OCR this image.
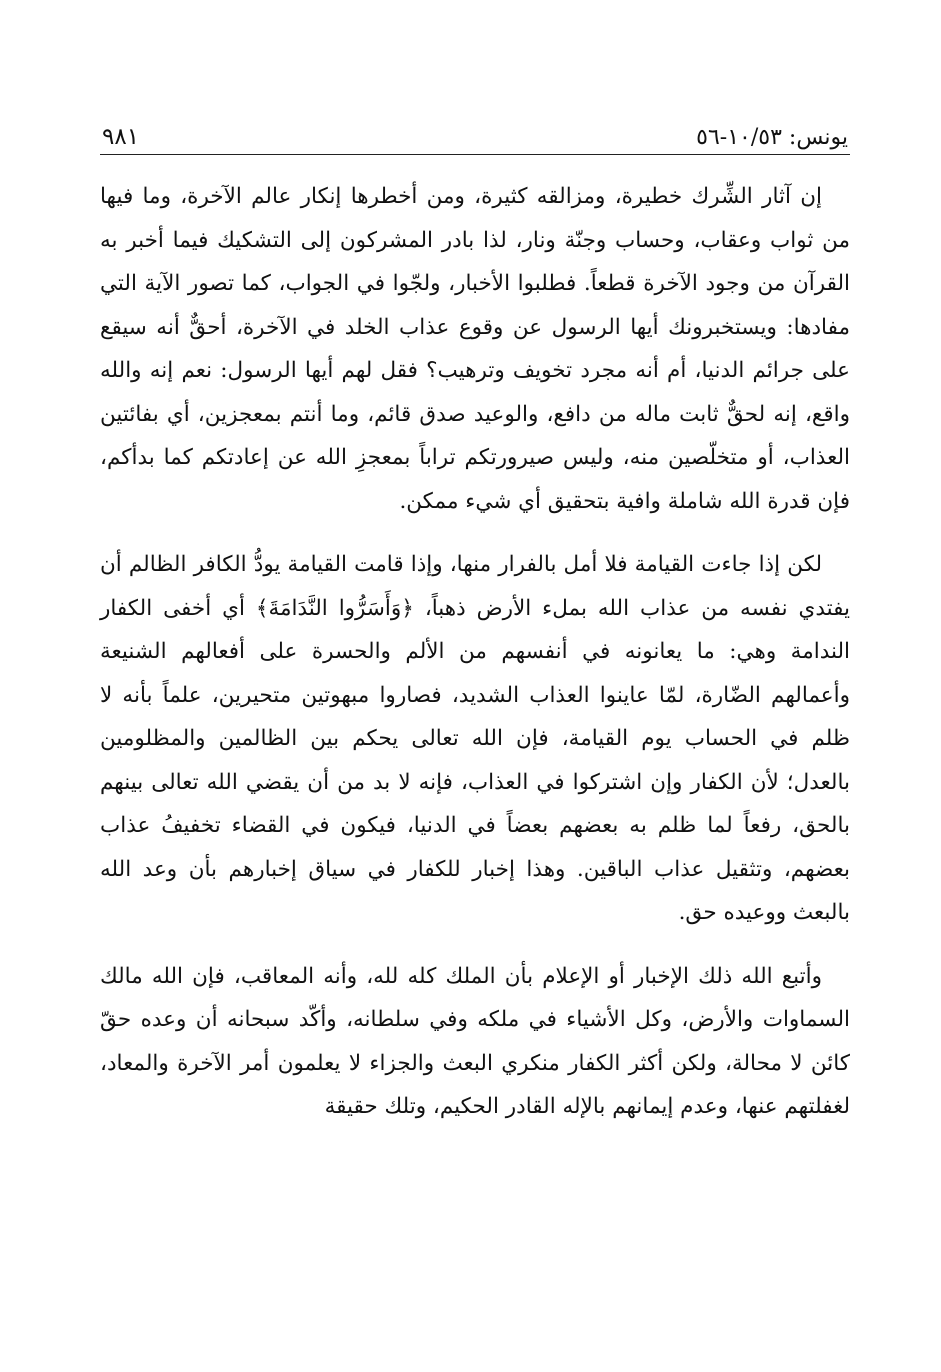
يونس: ١٠/٥٣-٥٦
٩٨١

إن آثار الشِّرك خطيرة، ومزالقه كثيرة، ومن أخطرها إنكار عالم الآخرة، وما فيها من ثواب وعقاب، وحساب وجنّة ونار، لذا بادر المشركون إلى التشكيك فيما أخبر به القرآن من وجود الآخرة قطعاً. فطلبوا الأخبار، ولجّوا في الجواب، كما تصور الآية التي مفادها: ويستخبرونك أيها الرسول عن وقوع عذاب الخلد في الآخرة، أحقٌّ أنه سيقع على جرائم الدنيا، أم أنه مجرد تخويف وترهيب؟ فقل لهم أيها الرسول: نعم إنه والله واقع، إنه لحقٌّ ثابت ماله من دافع، والوعيد صدق قائم، وما أنتم بمعجزين، أي بفائتين العذاب، أو متخلّصين منه، وليس صيرورتكم تراباً بمعجزِ الله عن إعادتكم كما بدأكم، فإن قدرة الله شاملة وافية بتحقيق أي شيء ممكن.

لكن إذا جاءت القيامة فلا أمل بالفرار منها، وإذا قامت القيامة يودُّ الكافر الظالم أن يفتدي نفسه من عذاب الله بملء الأرض ذهباً، ﴿وَأَسَرُّوا النَّدَامَةَ﴾ أي أخفى الكفار الندامة وهي: ما يعانونه في أنفسهم من الألم والحسرة على أفعالهم الشنيعة وأعمالهم الضّارة، لمّا عاينوا العذاب الشديد، فصاروا مبهوتين متحيرين، علماً بأنه لا ظلم في الحساب يوم القيامة، فإن الله تعالى يحكم بين الظالمين والمظلومين بالعدل؛ لأن الكفار وإن اشتركوا في العذاب، فإنه لا بد من أن يقضي الله تعالى بينهم بالحق، رفعاً لما ظلم به بعضهم بعضاً في الدنيا، فيكون في القضاء تخفيفُ عذاب بعضهم، وتثقيل عذاب الباقين. وهذا إخبار للكفار في سياق إخبارهم بأن وعد الله بالبعث ووعيده حق.

وأتبع الله ذلك الإخبار أو الإعلام بأن الملك كله لله، وأنه المعاقب، فإن الله مالك السماوات والأرض، وكل الأشياء في ملكه وفي سلطانه، وأكّد سبحانه أن وعده حقّ كائن لا محالة، ولكن أكثر الكفار منكري البعث والجزاء لا يعلمون أمر الآخرة والمعاد، لغفلتهم عنها، وعدم إيمانهم بالإله القادر الحكيم، وتلك حقيقة
